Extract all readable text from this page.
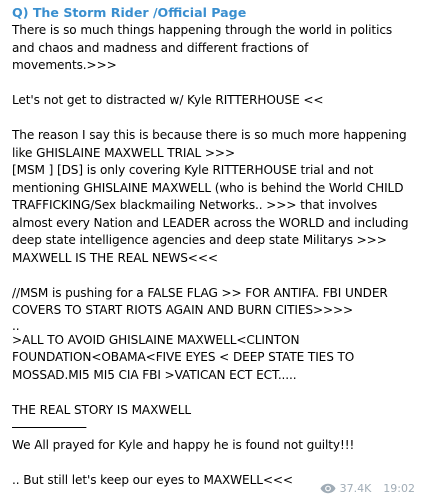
Q) The Storm Rider /Official Page

There is so much things happening through the world in politics and chaos and madness and different fractions of movements.>>>

Let's not get to distracted w/ Kyle RITTERHOUSE <<

The reason I say this is because there is so much more happening like GHISLAINE MAXWELL TRIAL >>>

[MSM ] [DS] is only covering Kyle RITTERHOUSE trial and not mentioning GHISLAINE MAXWELL (who is behind the World CHILD TRAFFICKING/Sex blackmailing Networks.. >>> that involves almost every Nation and LEADER across the WORLD and including deep state intelligence agencies and deep state Militarys >>> MAXWELL IS THE REAL NEWS<<<

//MSM is pushing for a FALSE FLAG >> FOR ANTIFA. FBI UNDER COVERS TO START RIOTS AGAIN AND BURN CITIES>>>>

..

>ALL TO AVOID GHISLAINE MAXWELL<CLINTON FOUNDATION<OBAMA<FIVE EYES < DEEP STATE TIES TO MOSSAD.MI5 MI5 CIA FBI >VATICAN ECT ECT.....

THE REAL STORY IS MAXWELL

----------------------

We All prayed for Kyle and happy he is found not guilty!!!

.. But still let's keep our eyes to MAXWELL<<<

37.4K 19:02
